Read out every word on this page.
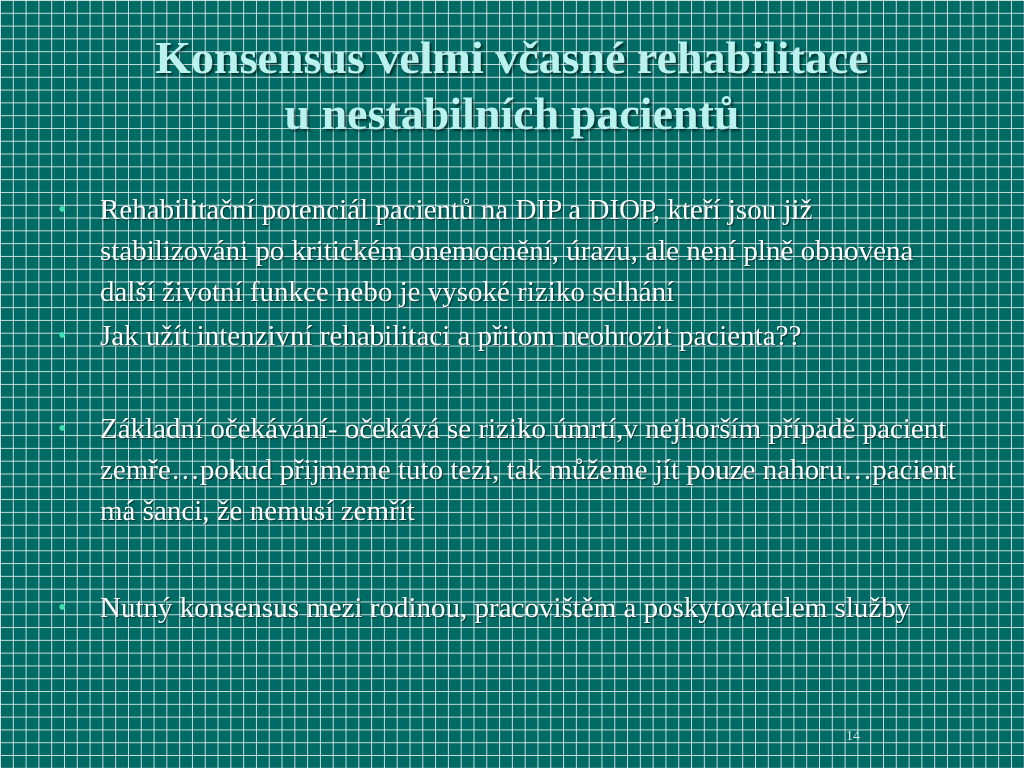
Konsensus velmi včasné rehabilitace
u nestabilních pacientů
• Rehabilitační potenciál pacientů na DIP a DIOP, kteří jsou již stabilizováni po kritickém onemocnění, úrazu, ale není plně obnovena další životní funkce nebo je vysoké riziko selhání
• Jak užít intenzivní rehabilitaci a přitom neohrozit pacienta??
• Základní očekávání- očekává se riziko úmrtí,v nejhorším případě pacient zemře…pokud přijmeme tuto tezi, tak můžeme jít pouze nahoru…pacient má šanci, že nemusí zemřít
• Nutný konsensus mezi rodinou, pracovištěm a poskytovatelem služby
14
